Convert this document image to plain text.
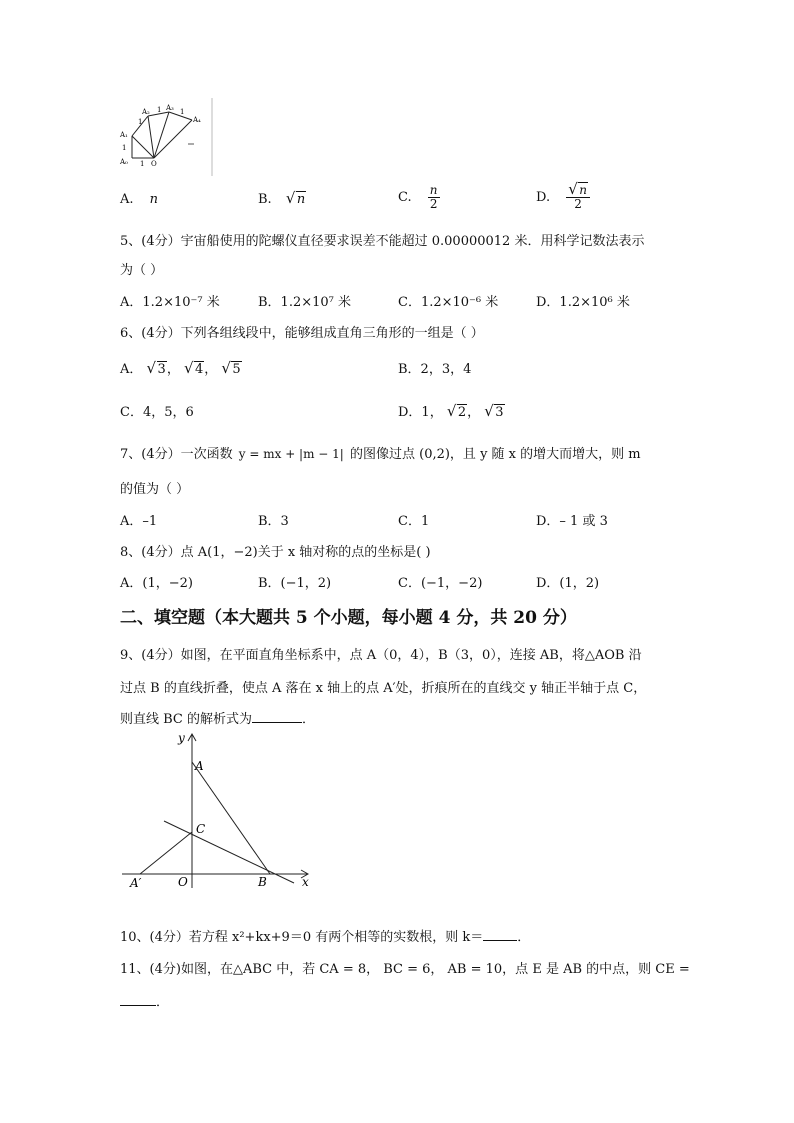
A₀
A₁
A₂ A₃
A₄
O
1
1
1
1	1
A. n	B. √ n	C. $\frac{n}{2}$	D. $\frac{√ n}{2}$
5、(4分）宇宙船使用的陀螺仪直径要求误差不能超过 0.00000012 米．用科学记数法表示
为（ ）
A．1.2×10⁻⁷ 米	B．1.2×10⁷ 米	C．1.2×10⁻⁶ 米	D．1.2×10⁶ 米
6、(4分）下列各组线段中，能够组成直角三角形的一组是（ ）
A． √ 3， √ 4， √ 5	B．2，3，4
C．4，5，6	D．1， √ 2， √ 3
7、(4分）一次函数 y = mx + |m − 1| 的图像过点 (0,2)，且 y 随 x 的增大而增大，则 m
的值为（ ）
A．–1	B．3	C．1	D．– 1 或 3
8、(4分）点 A(1，−2)关于 x 轴对称的点的坐标是( )
A．(1，−2)	B．(−1，2)	C．(−1，−2)	D．(1，2)
二、填空题（本大题共 5 个小题，每小题 4 分，共 20 分）
9、(4分）如图，在平面直角坐标系中，点 A（0，4），B（3，0），连接 AB，将△AOB 沿
过点 B 的直线折叠，使点 A 落在 x 轴上的点 A′处，折痕所在的直线交 y 轴正半轴于点 C，
则直线 BC 的解析式为	．
y
x
A
C
O	B
A′
10、(4分）若方程 x²+kx+9＝0 有两个相等的实数根，则 k＝	．
11、(4分)如图，在△ABC 中，若 CA = 8， BC = 6， AB = 10，点 E 是 AB 的中点，则 CE =
．
